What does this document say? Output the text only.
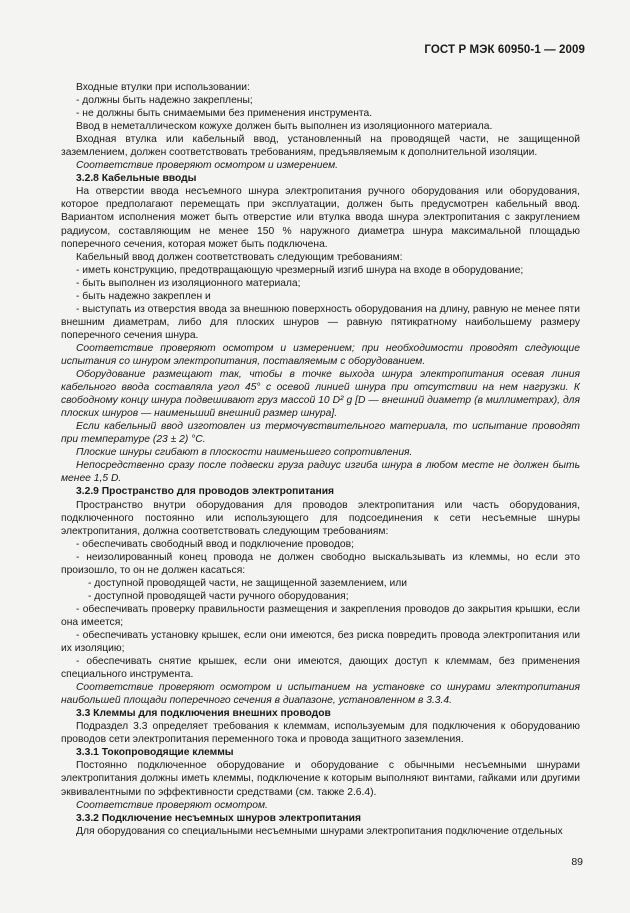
ГОСТ Р МЭК 60950-1 — 2009

Входные втулки при использовании:

- должны быть надежно закреплены;

- не должны быть снимаемыми без применения инструмента.

Ввод в неметаллическом кожухе должен быть выполнен из изоляционного материала.

Входная втулка или кабельный ввод, установленный на проводящей части, не защищенной заземлением, должен соответствовать требованиям, предъявляемым к дополнительной изоляции.

Соответствие проверяют осмотром и измерением.

3.2.8 Кабельные вводы

На отверстии ввода несъемного шнура электропитания ручного оборудования или оборудования, которое предполагают перемещать при эксплуатации, должен быть предусмотрен кабельный ввод. Вариантом исполнения может быть отверстие или втулка ввода шнура электропитания с закруглением радиусом, составляющим не менее 150 % наружного диаметра шнура максимальной площадью поперечного сечения, которая может быть подключена.

Кабельный ввод должен соответствовать следующим требованиям:

- иметь конструкцию, предотвращающую чрезмерный изгиб шнура на входе в оборудование;

- быть выполнен из изоляционного материала;

- быть надежно закреплен и

- выступать из отверстия ввода за внешнюю поверхность оборудования на длину, равную не менее пяти внешним диаметрам, либо для плоских шнуров — равную пятикратному наибольшему размеру поперечного сечения шнура.

Соответствие проверяют осмотром и измерением; при необходимости проводят следующие испытания со шнуром электропитания, поставляемым с оборудованием.

Оборудование размещают так, чтобы в точке выхода шнура электропитания осевая линия кабельного ввода составляла угол 45° с осевой линией шнура при отсутствии на нем нагрузки. К свободному концу шнура подвешивают груз массой 10 D² g [D — внешний диаметр (в миллиметрах), для плоских шнуров — наименьший внешний размер шнура].

Если кабельный ввод изготовлен из термочувствительного материала, то испытание проводят при температуре (23 ± 2) °C.

Плоские шнуры сгибают в плоскости наименьшего сопротивления.

Непосредственно сразу после подвески груза радиус изгиба шнура в любом месте не должен быть менее 1,5 D.

3.2.9 Пространство для проводов электропитания

Пространство внутри оборудования для проводов электропитания или часть оборудования, подключенного постоянно или использующего для подсоединения к сети несъемные шнуры электропитания, должна соответствовать следующим требованиям:

- обеспечивать свободный ввод и подключение проводов;

- неизолированный конец провода не должен свободно выскальзывать из клеммы, но если это произошло, то он не должен касаться:

- доступной проводящей части, не защищенной заземлением, или

- доступной проводящей части ручного оборудования;

- обеспечивать проверку правильности размещения и закрепления проводов до закрытия крышки, если она имеется;

- обеспечивать установку крышек, если они имеются, без риска повредить провода электропитания или их изоляцию;

- обеспечивать снятие крышек, если они имеются, дающих доступ к клеммам, без применения специального инструмента.

Соответствие проверяют осмотром и испытанием на установке со шнурами электропитания наибольшей площади поперечного сечения в диапазоне, установленном в 3.3.4.

3.3 Клеммы для подключения внешних проводов

Подраздел 3.3 определяет требования к клеммам, используемым для подключения к оборудованию проводов сети электропитания переменного тока и провода защитного заземления.

3.3.1 Токопроводящие клеммы

Постоянно подключенное оборудование и оборудование с обычными несъемными шнурами электропитания должны иметь клеммы, подключение к которым выполняют винтами, гайками или другими эквивалентными по эффективности средствами (см. также 2.6.4).

Соответствие проверяют осмотром.

3.3.2 Подключение несъемных шнуров электропитания

Для оборудования со специальными несъемными шнурами электропитания подключение отдельных

89
